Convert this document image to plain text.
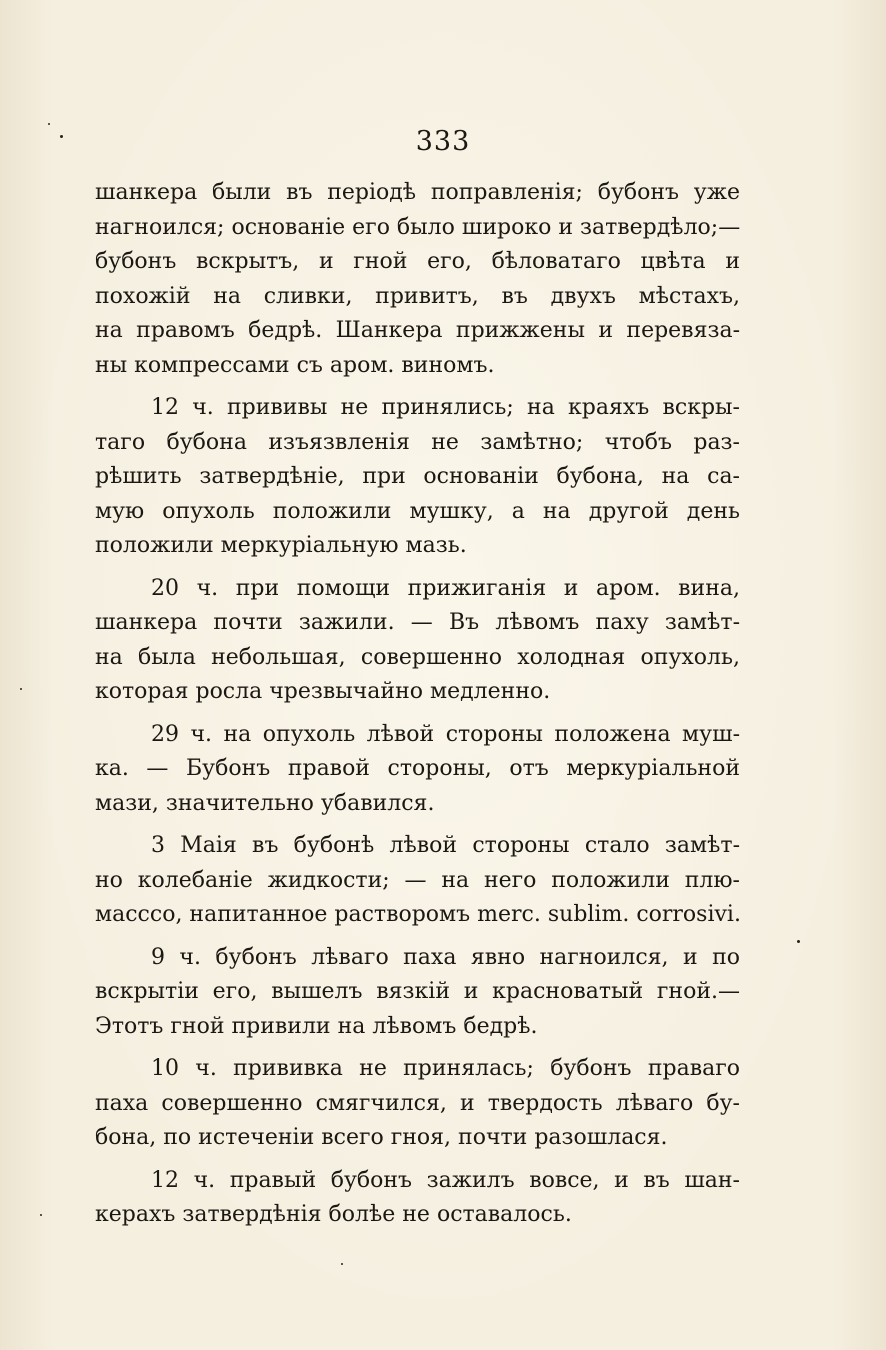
333

шанкера были въ періодѣ поправленія; бубонъ уже
нагноился; основаніе его было широко и затвердѣло;—
бубонъ вскрытъ, и гной его, бѣловатаго цвѣта и
похожій на сливки, привитъ, въ двухъ мѣстахъ,
на правомъ бедрѣ. Шанкера прижжены и перевяза-
ны компрессами съ аром. виномъ.

12 ч. прививы не принялись; на краяхъ вскры-
таго бубона изъязвленія не замѣтно; чтобъ раз-
рѣшить затвердѣніе, при основаніи бубона, на са-
мую опухоль положили мушку, а на другой день
положили меркуріальную мазь.

20 ч. при помощи прижиганія и аром. вина,
шанкера почти зажили. — Въ лѣвомъ паху замѣт-
на была небольшая, совершенно холодная опухоль,
которая росла чрезвычайно медленно.

29 ч. на опухоль лѣвой стороны положена муш-
ка. — Бубонъ правой стороны, отъ меркуріальной
мази, значительно убавился.

3 Маія въ бубонѣ лѣвой стороны стало замѣт-
но колебаніе жидкости; — на него положили плю-
масссо, напитанное растворомъ merc. sublim. corrosivi.

9 ч. бубонъ лѣваго паха явно нагноился, и по
вскрытіи его, вышелъ вязкій и красноватый гной.—
Этотъ гной привили на лѣвомъ бедрѣ.

10 ч. прививка не принялась; бубонъ праваго
паха совершенно смягчился, и твердость лѣваго бу-
бона, по истеченіи всего гноя, почти разошлася.

12 ч. правый бубонъ зажилъ вовсе, и въ шан-
керахъ затвердѣнія болѣе не оставалось.
